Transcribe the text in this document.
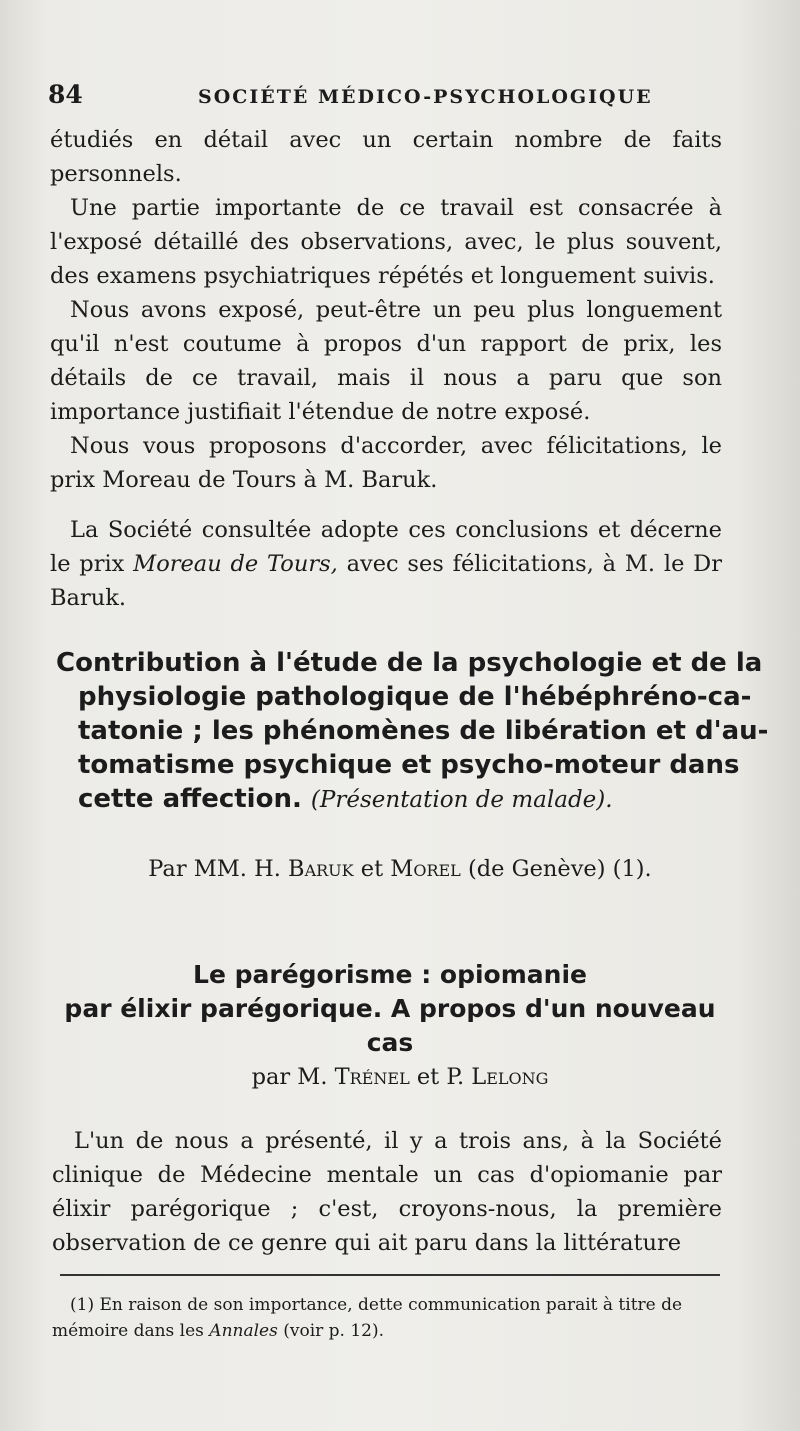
84	SOCIÉTÉ MÉDICO-PSYCHOLOGIQUE

étudiés en détail avec un certain nombre de faits personnels.

Une partie importante de ce travail est consacrée à l'exposé détaillé des observations, avec, le plus souvent, des examens psychiatriques répétés et longuement suivis.

Nous avons exposé, peut-être un peu plus longuement qu'il n'est coutume à propos d'un rapport de prix, les détails de ce travail, mais il nous a paru que son importance justifiait l'étendue de notre exposé.

Nous vous proposons d'accorder, avec félicitations, le prix Moreau de Tours à M. Baruk.

La Société consultée adopte ces conclusions et décerne le prix Moreau de Tours, avec ses félicitations, à M. le Dr Baruk.

Contribution à l'étude de la psychologie et de la
physiologie pathologique de l'hébéphréno-ca-
tatonie ; les phénomènes de libération et d'au-
tomatisme psychique et psycho-moteur dans
cette affection. (Présentation de malade).
Par MM. H. Baruk et Morel (de Genève) (1).
Le parégorisme : opiomanie
par élixir parégorique. A propos d'un nouveau cas
par M. Trénel et P. Lelong

L'un de nous a présenté, il y a trois ans, à la Société clinique de Médecine mentale un cas d'opiomanie par élixir parégorique ; c'est, croyons-nous, la première observation de ce genre qui ait paru dans la littérature

(1) En raison de son importance, dette communication parait à titre de mémoire dans les Annales (voir p. 12).
